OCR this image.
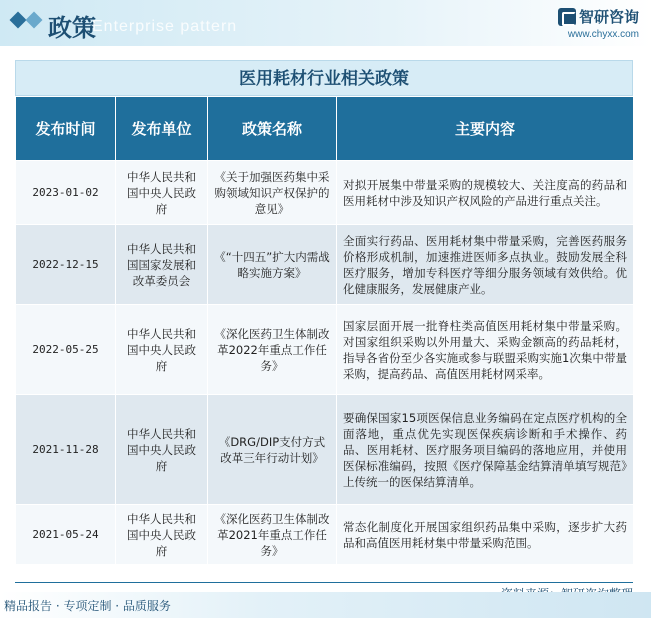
政策
Enterprise pattern
智研咨询
www.chyxx.com
医用耗材行业相关政策
发布时间	发布单位	政策名称	主要内容
2023-01-02	中华人民共和国中央人民政府	《关于加强医药集中采购领域知识产权保护的意见》	对拟开展集中带量采购的规模较大、关注度高的药品和医用耗材中涉及知识产权风险的产品进行重点关注。
2022-12-15	中华人民共和国国家发展和改革委员会	《“十四五”扩大内需战略实施方案》	全面实行药品、医用耗材集中带量采购，完善医药服务价格形成机制，加速推进医师多点执业。鼓励发展全科医疗服务，增加专科医疗等细分服务领域有效供给。优化健康服务，发展健康产业。
2022-05-25	中华人民共和国中央人民政府	《深化医药卫生体制改革2022年重点工作任务》	国家层面开展一批脊柱类高值医用耗材集中带量采购。对国家组织采购以外用量大、采购金额高的药品耗材，指导各省份至少各实施或参与联盟采购实施1次集中带量采购，提高药品、高值医用耗材网采率。
2021-11-28	中华人民共和国中央人民政府	《DRG/DIP支付方式改革三年行动计划》	要确保国家15项医保信息业务编码在定点医疗机构的全面落地，重点优先实现医保疾病诊断和手术操作、药品、医用耗材、医疗服务项目编码的落地应用，并使用医保标准编码，按照《医疗保障基金结算清单填写规范》上传统一的医保结算清单。
2021-05-24	中华人民共和国中央人民政府	《深化医药卫生体制改革2021年重点工作任务》	常态化制度化开展国家组织药品集中采购，逐步扩大药品和高值医用耗材集中带量采购范围。
精品报告 · 专项定制 · 品质服务
